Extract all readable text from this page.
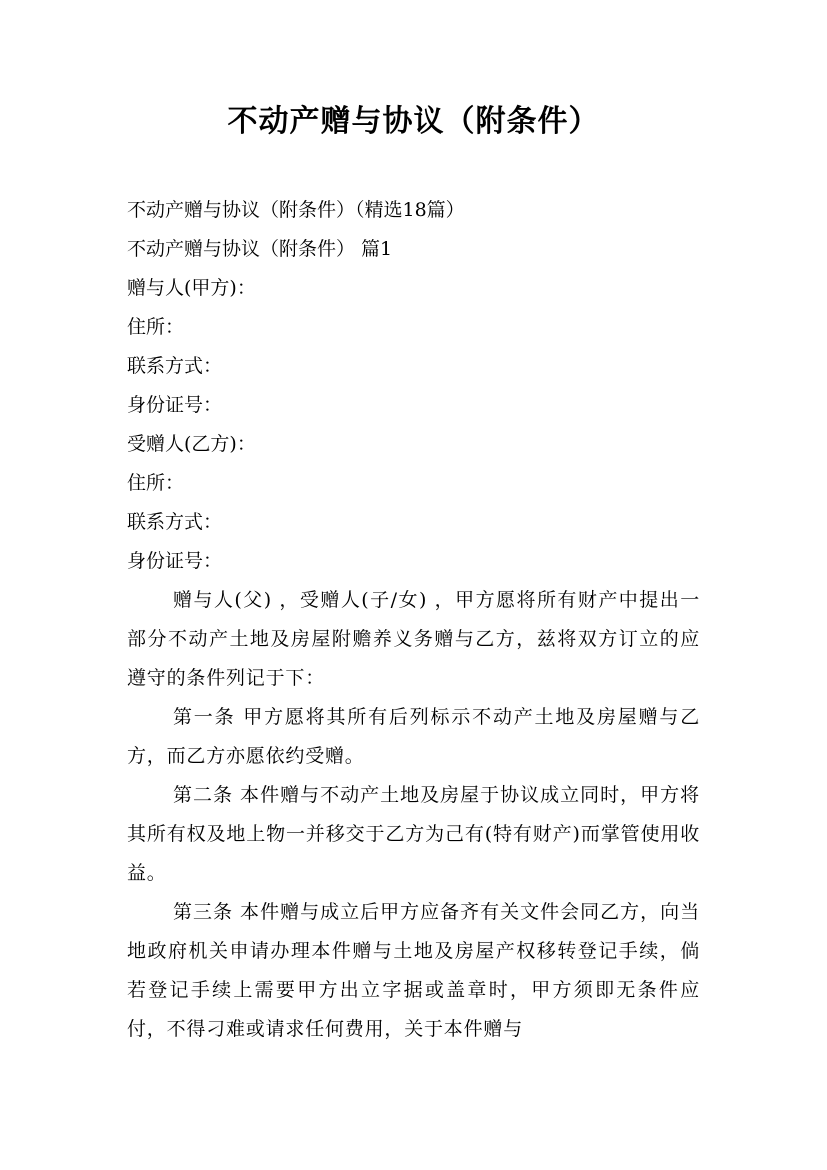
不动产赠与协议（附条件）

不动产赠与协议（附条件）（精选18篇）

不动产赠与协议（附条件） 篇1

赠与人(甲方)：

住所：

联系方式：

身份证号：

受赠人(乙方)：

住所：

联系方式：

身份证号：

赠与人(父) ，受赠人(子/女) ，甲方愿将所有财产中提出一部分不动产土地及房屋附赡养义务赠与乙方，兹将双方订立的应遵守的条件列记于下：

第一条 甲方愿将其所有后列标示不动产土地及房屋赠与乙方，而乙方亦愿依约受赠。

第二条 本件赠与不动产土地及房屋于协议成立同时，甲方将其所有权及地上物一并移交于乙方为己有(特有财产)而掌管使用收益。

第三条 本件赠与成立后甲方应备齐有关文件会同乙方，向当地政府机关申请办理本件赠与土地及房屋产权移转登记手续，倘若登记手续上需要甲方出立字据或盖章时，甲方须即无条件应付，不得刁难或请求任何费用，关于本件赠与
